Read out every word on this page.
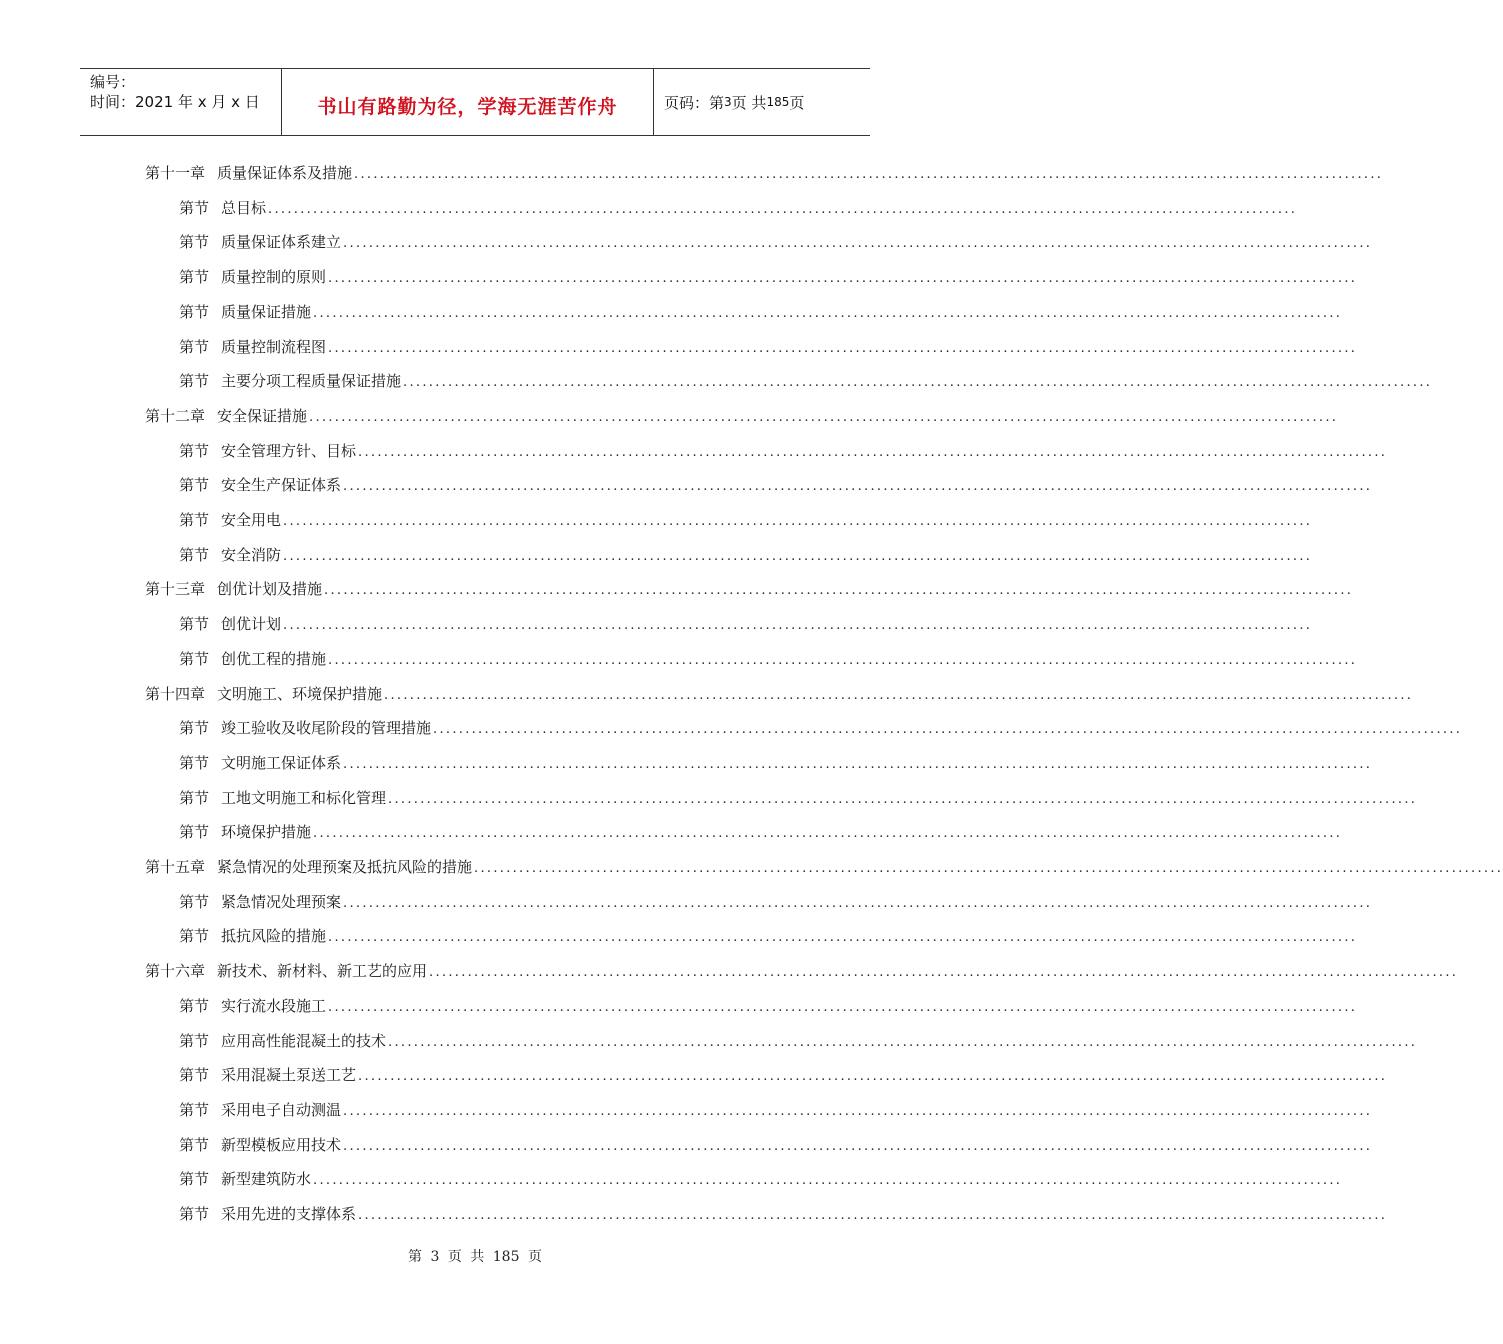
编号：
时间：2021 年 x 月 x 日	书山有路勤为径，学海无涯苦作舟	页码：第 3 页 共 185 页
第十一章 质量保证体系及措施 ................................................................................................................................................................
第节 总目标 ................................................................................................................................................................
第节 质量保证体系建立 ................................................................................................................................................................
第节 质量控制的原则 ................................................................................................................................................................
第节 质量保证措施 ................................................................................................................................................................
第节 质量控制流程图 ................................................................................................................................................................
第节 主要分项工程质量保证措施 ................................................................................................................................................................
第十二章 安全保证措施 ................................................................................................................................................................
第节 安全管理方针、目标 ................................................................................................................................................................
第节 安全生产保证体系 ................................................................................................................................................................
第节 安全用电 ................................................................................................................................................................
第节 安全消防 ................................................................................................................................................................
第十三章 创优计划及措施 ................................................................................................................................................................
第节 创优计划 ................................................................................................................................................................
第节 创优工程的措施 ................................................................................................................................................................
第十四章 文明施工、环境保护措施 ................................................................................................................................................................
第节 竣工验收及收尾阶段的管理措施 ................................................................................................................................................................
第节 文明施工保证体系 ................................................................................................................................................................
第节 工地文明施工和标化管理 ................................................................................................................................................................
第节 环境保护措施 ................................................................................................................................................................
第十五章 紧急情况的处理预案及抵抗风险的措施 ................................................................................................................................................................
第节 紧急情况处理预案 ................................................................................................................................................................
第节 抵抗风险的措施 ................................................................................................................................................................
第十六章 新技术、新材料、新工艺的应用 ................................................................................................................................................................
第节 实行流水段施工 ................................................................................................................................................................
第节 应用高性能混凝土的技术 ................................................................................................................................................................
第节 采用混凝土泵送工艺 ................................................................................................................................................................
第节 采用电子自动测温 ................................................................................................................................................................
第节 新型模板应用技术 ................................................................................................................................................................
第节 新型建筑防水 ................................................................................................................................................................
第节 采用先进的支撑体系 ................................................................................................................................................................
第 3 页 共 185 页
